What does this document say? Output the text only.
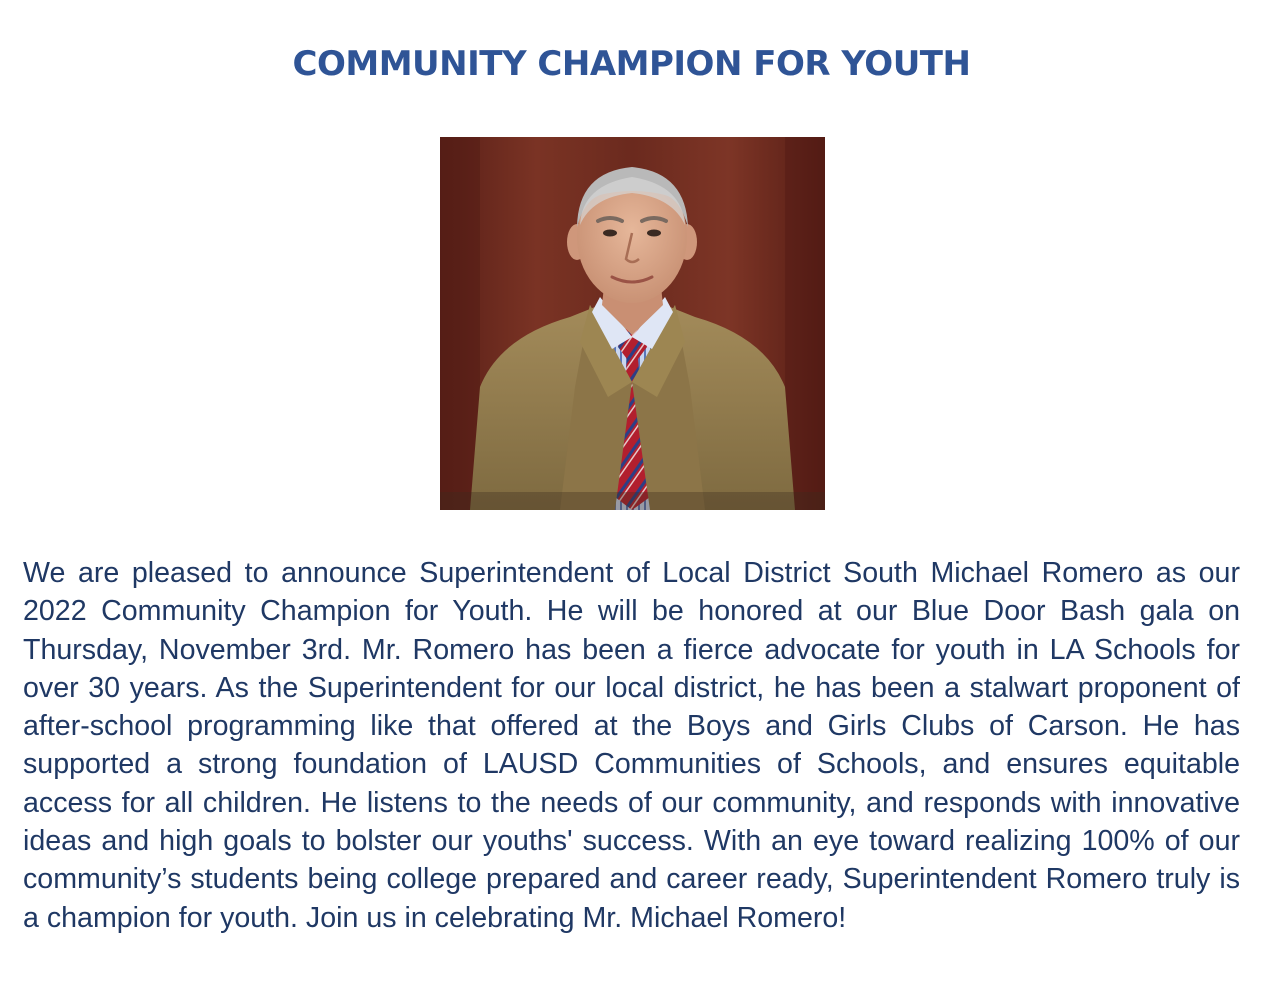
COMMUNITY CHAMPION FOR YOUTH

We are pleased to announce Superintendent of Local District South Michael Romero as our 2022 Community Champion for Youth. He will be honored at our Blue Door Bash gala on Thursday, November 3rd. Mr. Romero has been a fierce advocate for youth in LA Schools for over 30 years. As the Superintendent for our local district, he has been a stalwart proponent of after-school programming like that offered at the Boys and Girls Clubs of Carson. He has supported a strong foundation of LAUSD Communities of Schools, and ensures equitable access for all children. He listens to the needs of our community, and responds with innovative ideas and high goals to bolster our youths' success. With an eye toward realizing 100% of our community’s students being college prepared and career ready, Superintendent Romero truly is a champion for youth. Join us in celebrating Mr. Michael Romero!
